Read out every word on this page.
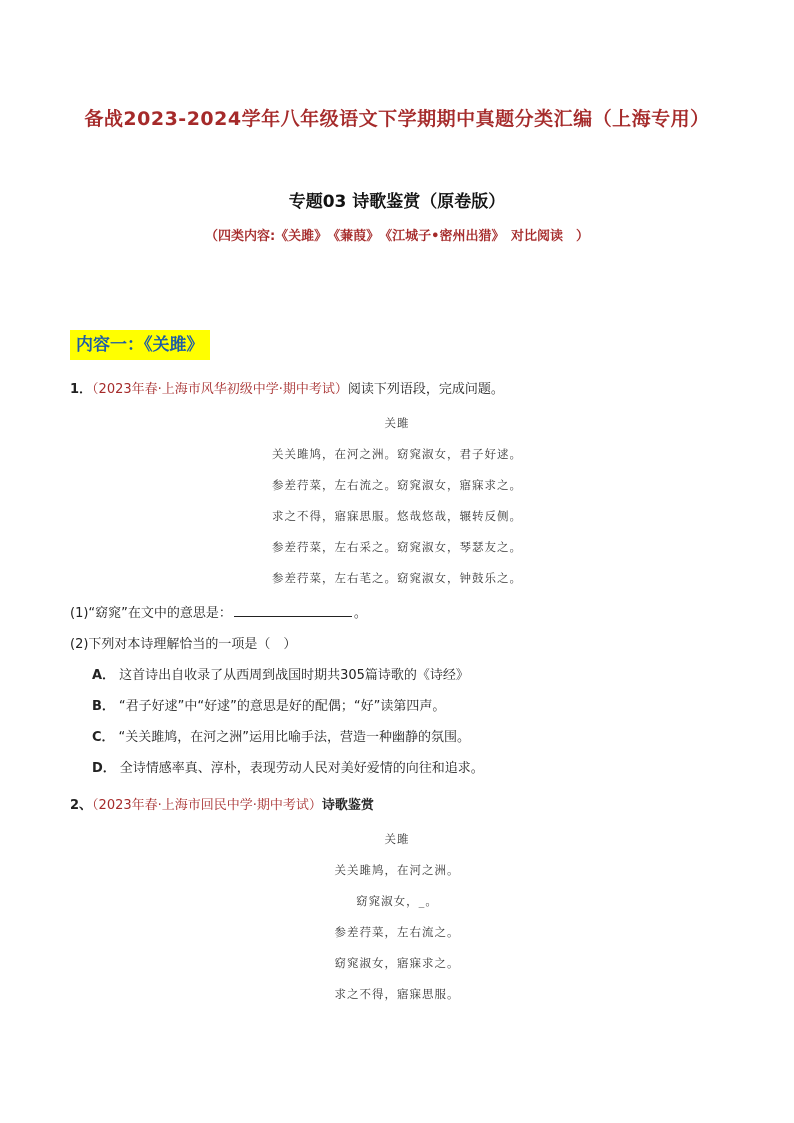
备战2023-2024学年八年级语文下学期期中真题分类汇编（上海专用）
专题03 诗歌鉴赏（原卷版）
（四类内容:《关雎》　《蒹葭》　《江城子•密州出猎》　对比阅读　）
内容一：《关雎》
1．（2023年春·上海市风华初级中学·期中考试）阅读下列语段，完成问题。
关雎
关关雎鸠，在河之洲。窈窕淑女，君子好逑。
参差荇菜，左右流之。窈窕淑女，寤寐求之。
求之不得，寤寐思服。悠哉悠哉，辗转反侧。
参差荇菜，左右采之。窈窕淑女，琴瑟友之。
参差荇菜，左右芼之。窈窕淑女，钟鼓乐之。
(1)“窈窕”在文中的意思是：	。
(2)下列对本诗理解恰当的一项是（　）
A． 这首诗出自收录了从西周到战国时期共305篇诗歌的《诗经》
B． “君子好逑”中“好逑”的意思是好的配偶；“好”读第四声。
C． “关关雎鸠，在河之洲”运用比喻手法，营造一种幽静的氛围。
D． 全诗情感率真、淳朴，表现劳动人民对美好爱情的向往和追求。
2、（2023年春·上海市回民中学·期中考试）诗歌鉴赏
关雎
关关雎鸠，在河之洲。
窈窕淑女，_。
参差荇菜，左右流之。
窈窕淑女，寤寐求之。
求之不得，寤寐思服。
